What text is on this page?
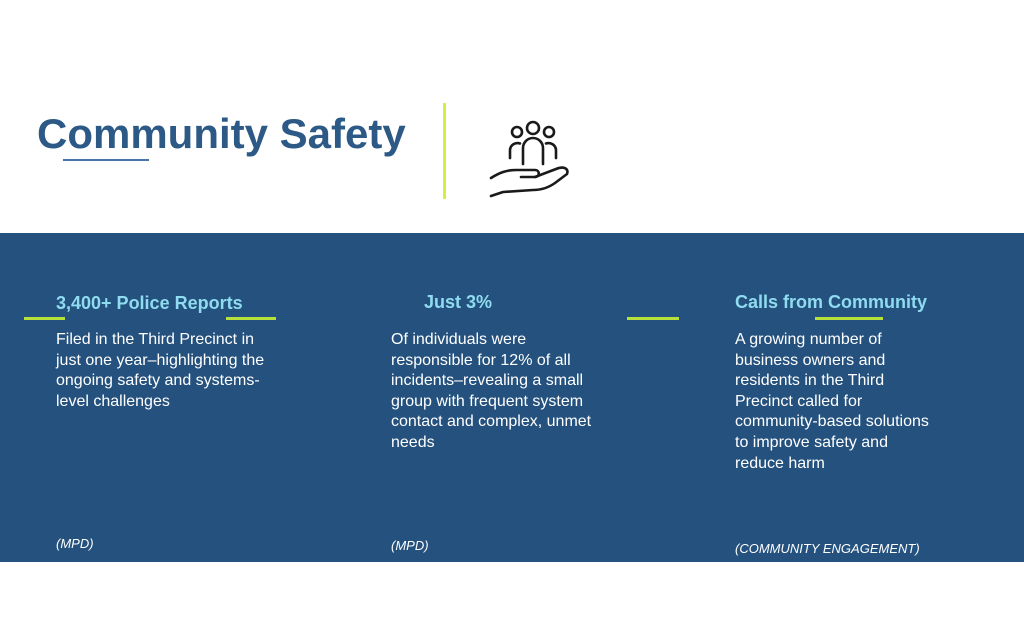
Community Safety
3,400+ Police Reports

Filed in the Third Precinct in just one year–highlighting the ongoing safety and systems-level challenges

(MPD)

Just 3%

Of individuals were responsible for 12% of all incidents–revealing a small group with frequent system contact and complex, unmet needs

(MPD)

Calls from Community

A growing number of business owners and residents in the Third Precinct called for community-based solutions to improve safety and reduce harm

(COMMUNITY ENGAGEMENT)
